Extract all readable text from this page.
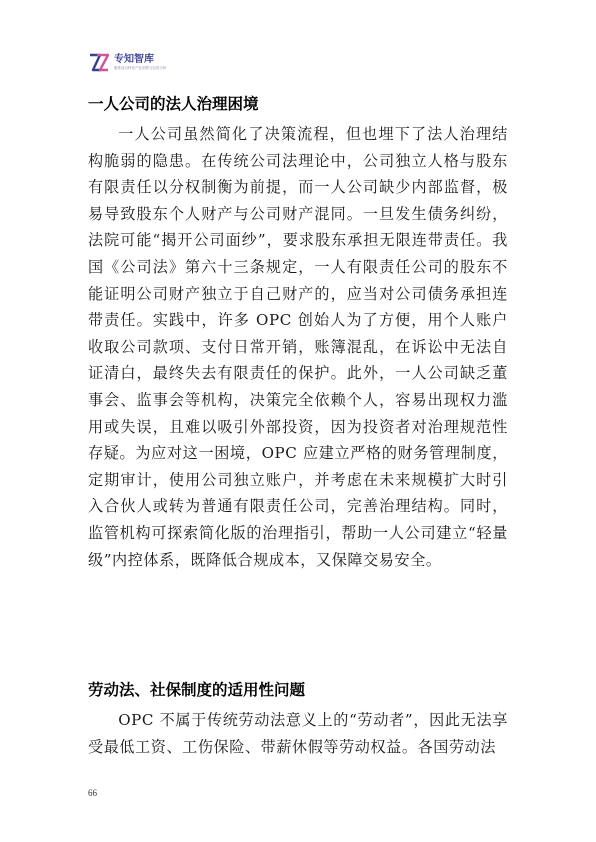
专知智库
聚焦前沿科技产业洞察与趋势分析
一人公司的法人治理困境

一人公司虽然简化了决策流程，但也埋下了法人治理结构脆弱的隐患。在传统公司法理论中，公司独立人格与股东有限责任以分权制衡为前提，而一人公司缺少内部监督，极易导致股东个人财产与公司财产混同。一旦发生债务纠纷，法院可能“揭开公司面纱”，要求股东承担无限连带责任。我国《公司法》第六十三条规定，一人有限责任公司的股东不能证明公司财产独立于自己财产的，应当对公司债务承担连带责任。实践中，许多 OPC 创始人为了方便，用个人账户收取公司款项、支付日常开销，账簿混乱，在诉讼中无法自证清白，最终失去有限责任的保护。此外，一人公司缺乏董事会、监事会等机构，决策完全依赖个人，容易出现权力滥用或失误，且难以吸引外部投资，因为投资者对治理规范性存疑。为应对这一困境，OPC 应建立严格的财务管理制度，定期审计，使用公司独立账户，并考虑在未来规模扩大时引入合伙人或转为普通有限责任公司，完善治理结构。同时，监管机构可探索简化版的治理指引，帮助一人公司建立“轻量级”内控体系，既降低合规成本，又保障交易安全。

劳动法、社保制度的适用性问题

OPC 不属于传统劳动法意义上的“劳动者”，因此无法享受最低工资、工伤保险、带薪休假等劳动权益。各国劳动法

66
